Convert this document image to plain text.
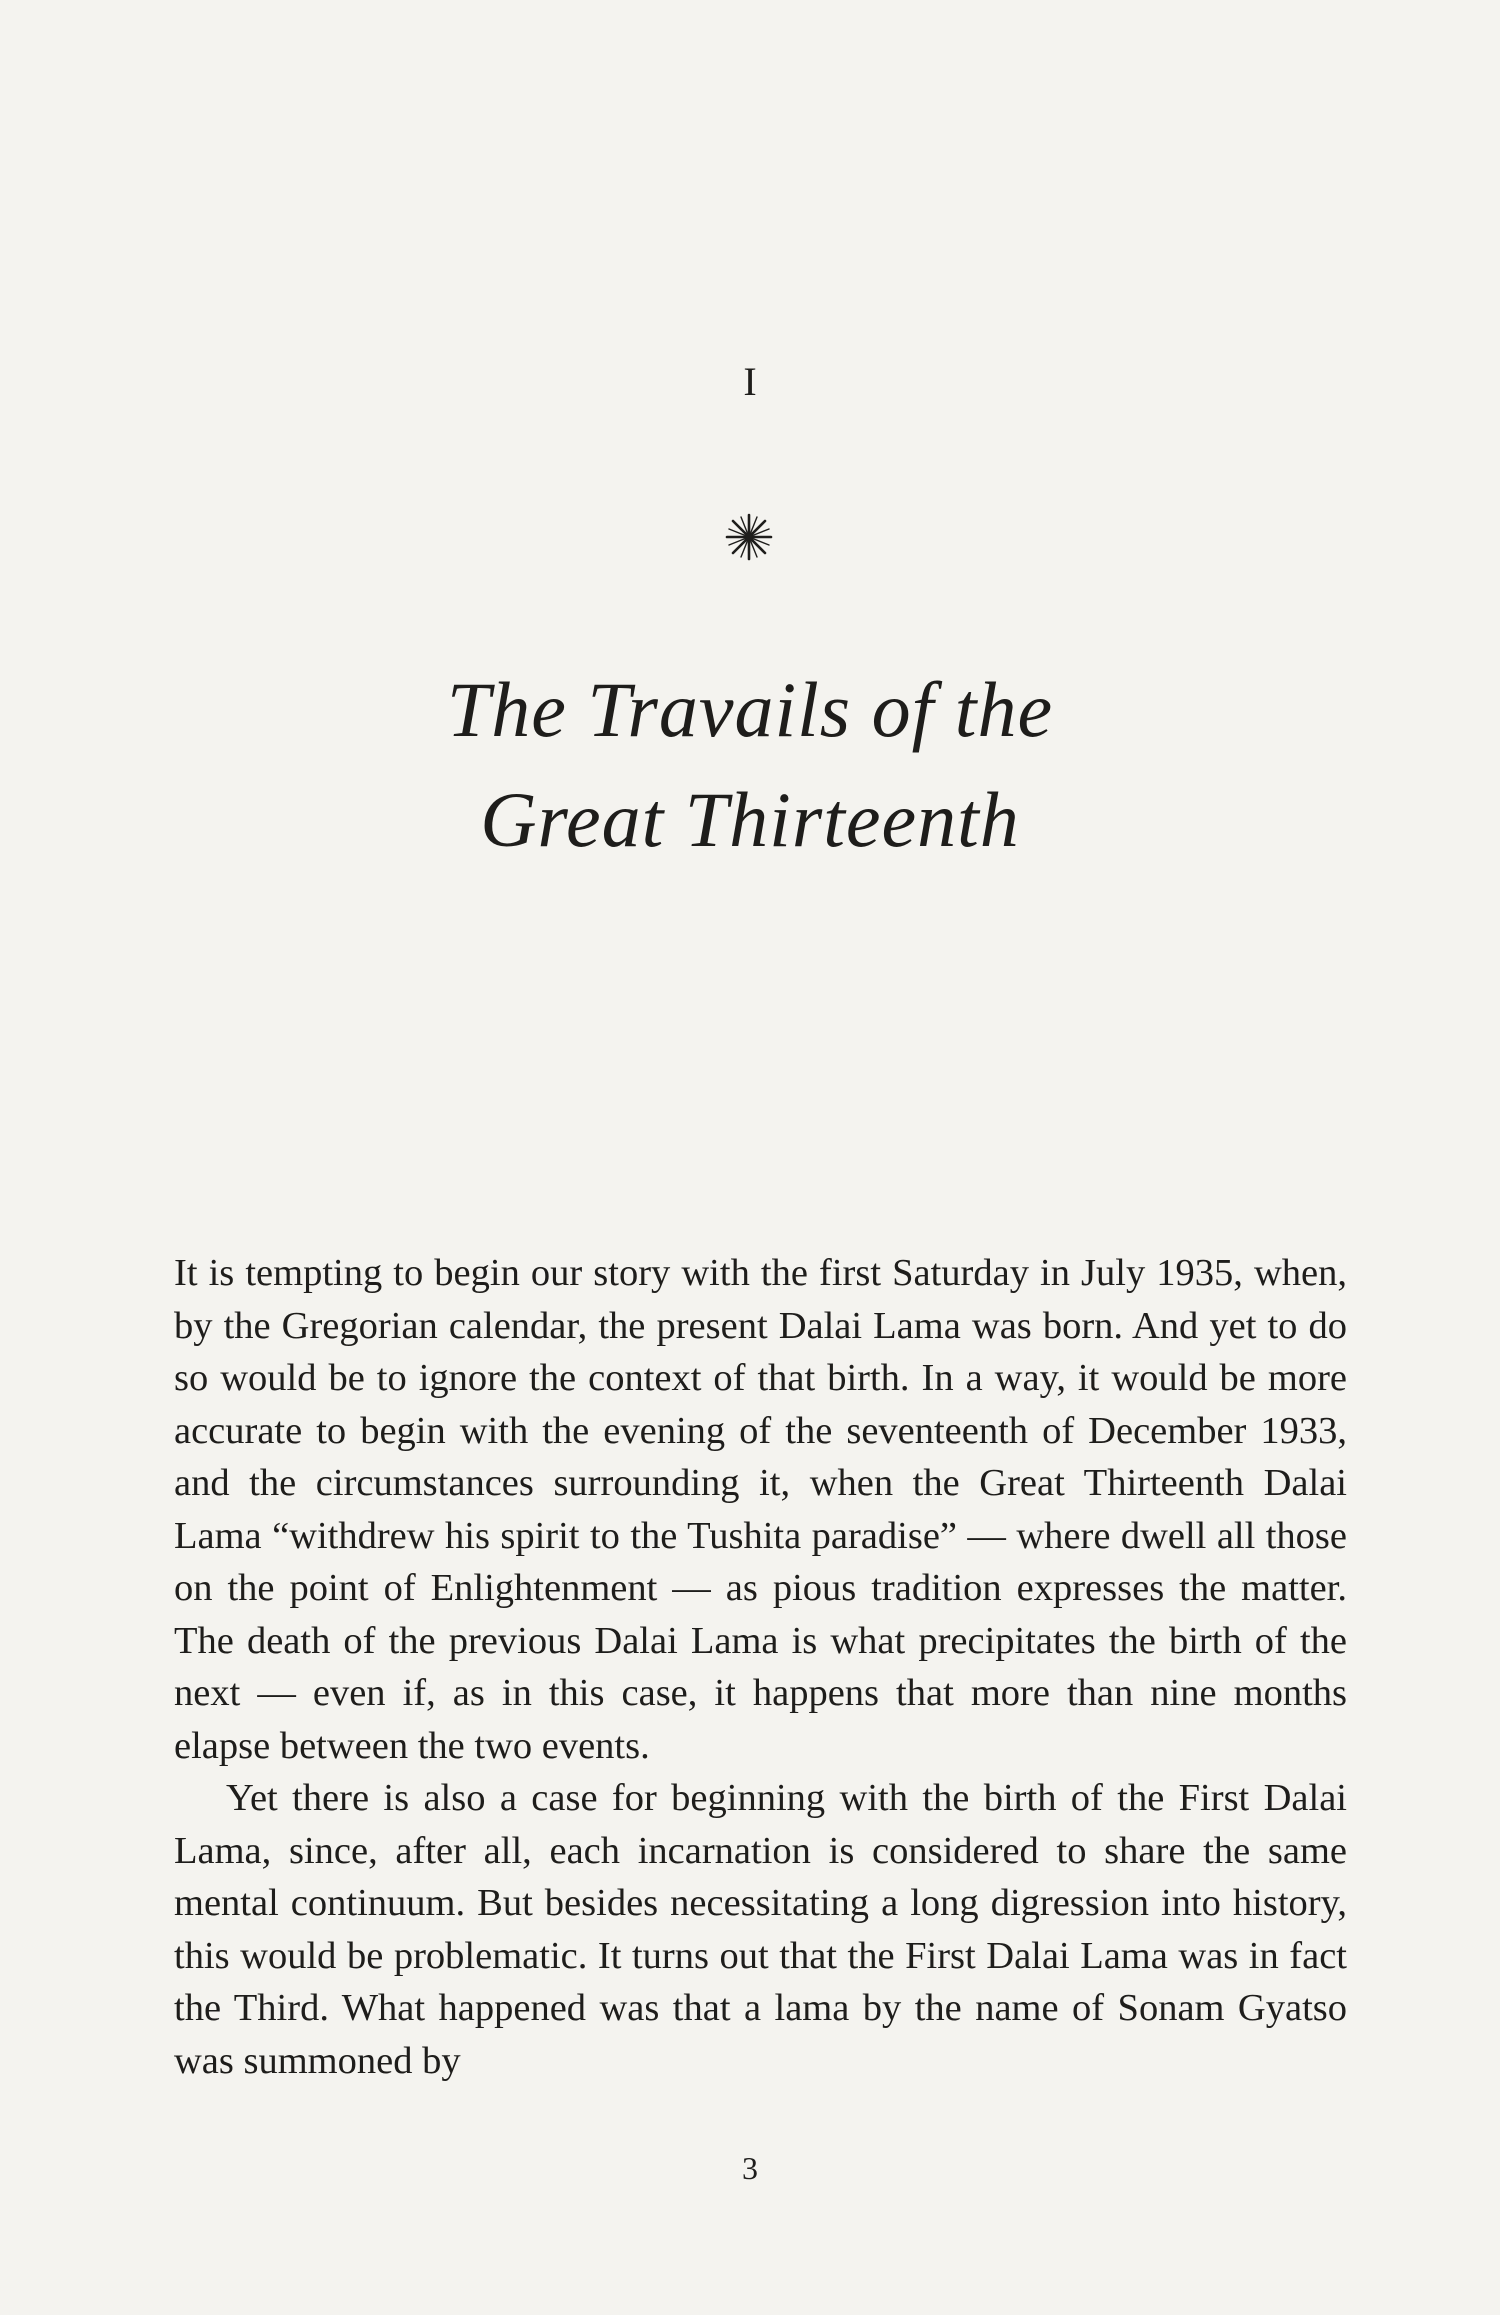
I
The Travails of the
Great Thirteenth

It is tempting to begin our story with the first Saturday in July 1935, when, by the Gregorian calendar, the present Dalai Lama was born. And yet to do so would be to ignore the context of that birth. In a way, it would be more accurate to begin with the evening of the seventeenth of December 1933, and the circumstances surrounding it, when the Great Thirteenth Dalai Lama “withdrew his spirit to the Tushita paradise” — where dwell all those on the point of Enlightenment — as pious tradition expresses the matter. The death of the previous Dalai Lama is what precipitates the birth of the next — even if, as in this case, it happens that more than nine months elapse between the two events.

Yet there is also a case for beginning with the birth of the First Dalai Lama, since, after all, each incarnation is considered to share the same mental continuum. But besides necessitating a long digression into history, this would be problematic. It turns out that the First Dalai Lama was in fact the Third. What happened was that a lama by the name of Sonam Gyatso was summoned by

3
